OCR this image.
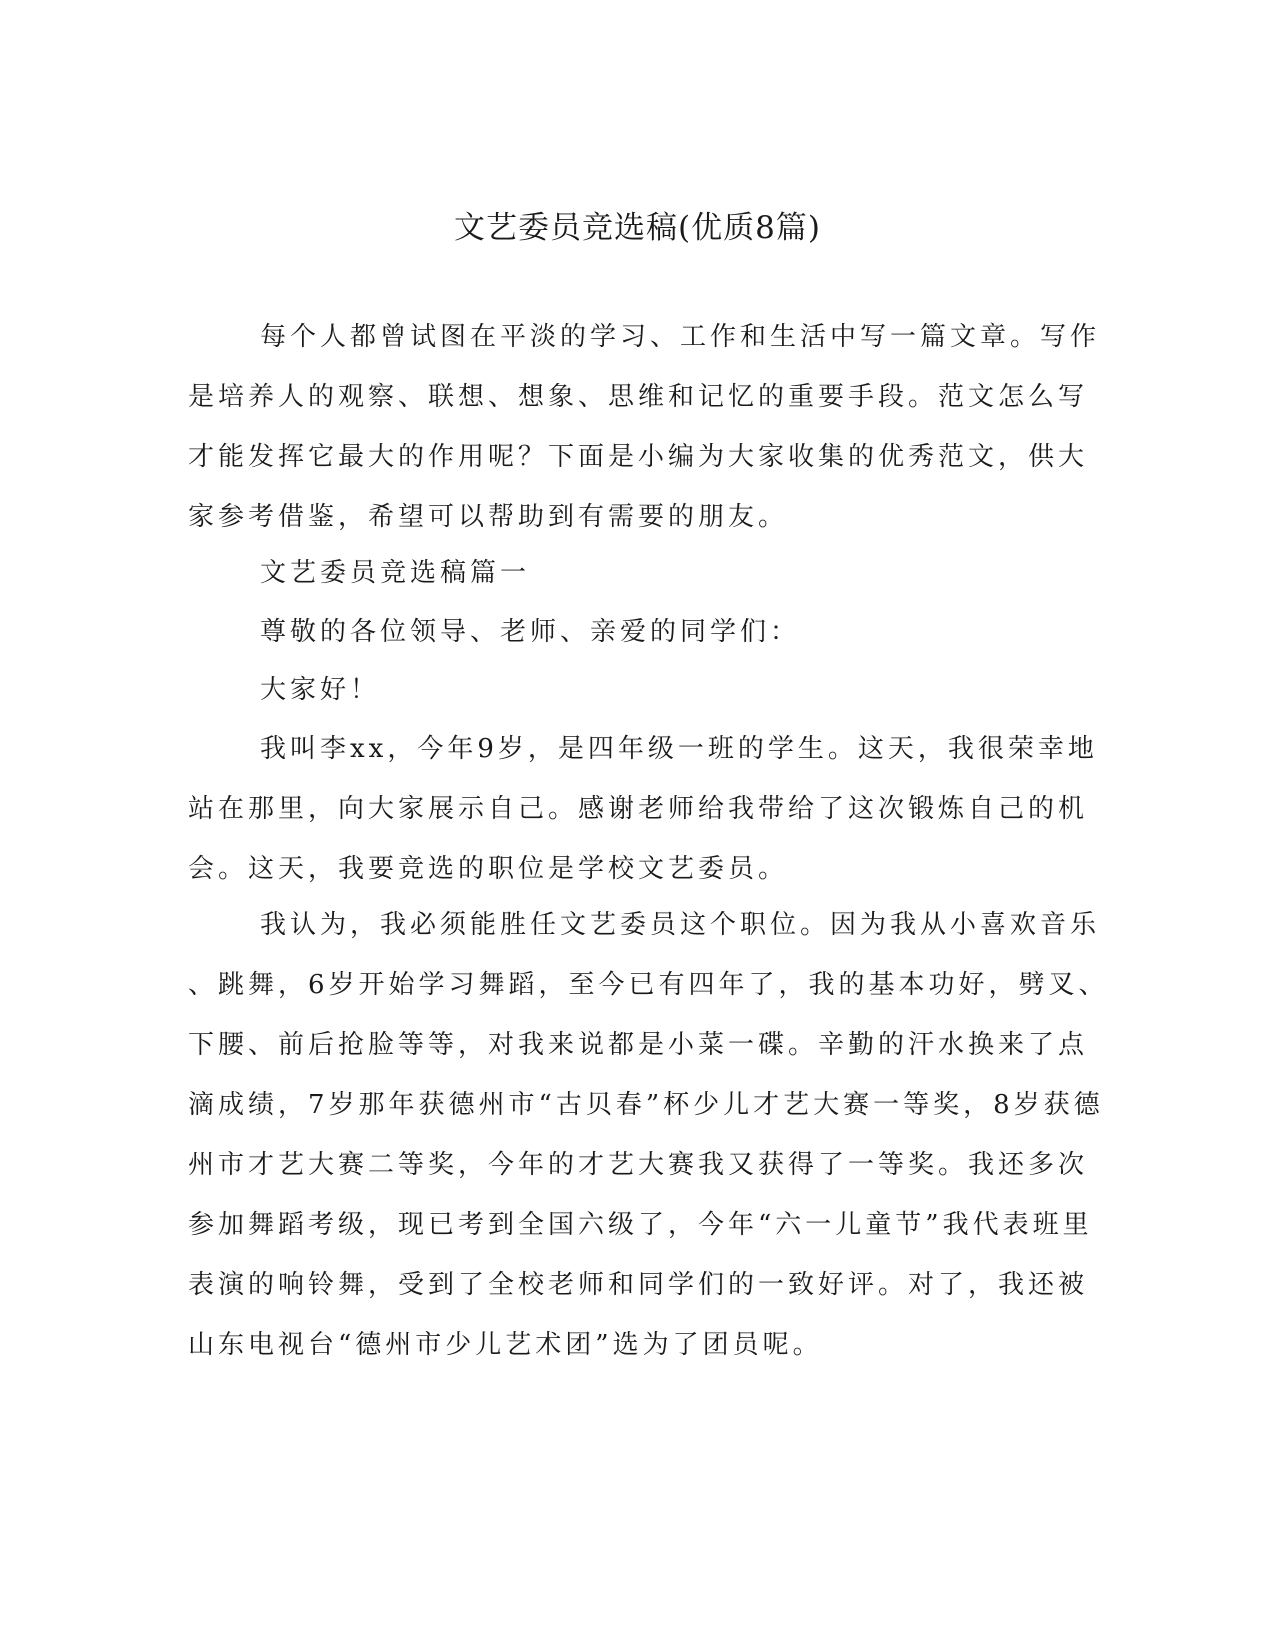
文艺委员竞选稿(优质8篇)
每个人都曾试图在平淡的学习、工作和生活中写一篇文章。写作
是培养人的观察、联想、想象、思维和记忆的重要手段。范文怎么写
才能发挥它最大的作用呢？下面是小编为大家收集的优秀范文，供大
家参考借鉴，希望可以帮助到有需要的朋友。
文艺委员竞选稿篇一
尊敬的各位领导、老师、亲爱的同学们：
大家好！
我叫李xx，今年9岁，是四年级一班的学生。这天，我很荣幸地
站在那里，向大家展示自己。感谢老师给我带给了这次锻炼自己的机
会。这天，我要竞选的职位是学校文艺委员。
我认为，我必须能胜任文艺委员这个职位。因为我从小喜欢音乐
、跳舞，6岁开始学习舞蹈，至今已有四年了，我的基本功好，劈叉、
下腰、前后抢脸等等，对我来说都是小菜一碟。辛勤的汗水换来了点
滴成绩，7岁那年获德州市“古贝春”杯少儿才艺大赛一等奖，8岁获德
州市才艺大赛二等奖，今年的才艺大赛我又获得了一等奖。我还多次
参加舞蹈考级，现已考到全国六级了，今年“六一儿童节”我代表班里
表演的响铃舞，受到了全校老师和同学们的一致好评。对了，我还被
山东电视台“德州市少儿艺术团”选为了团员呢。
